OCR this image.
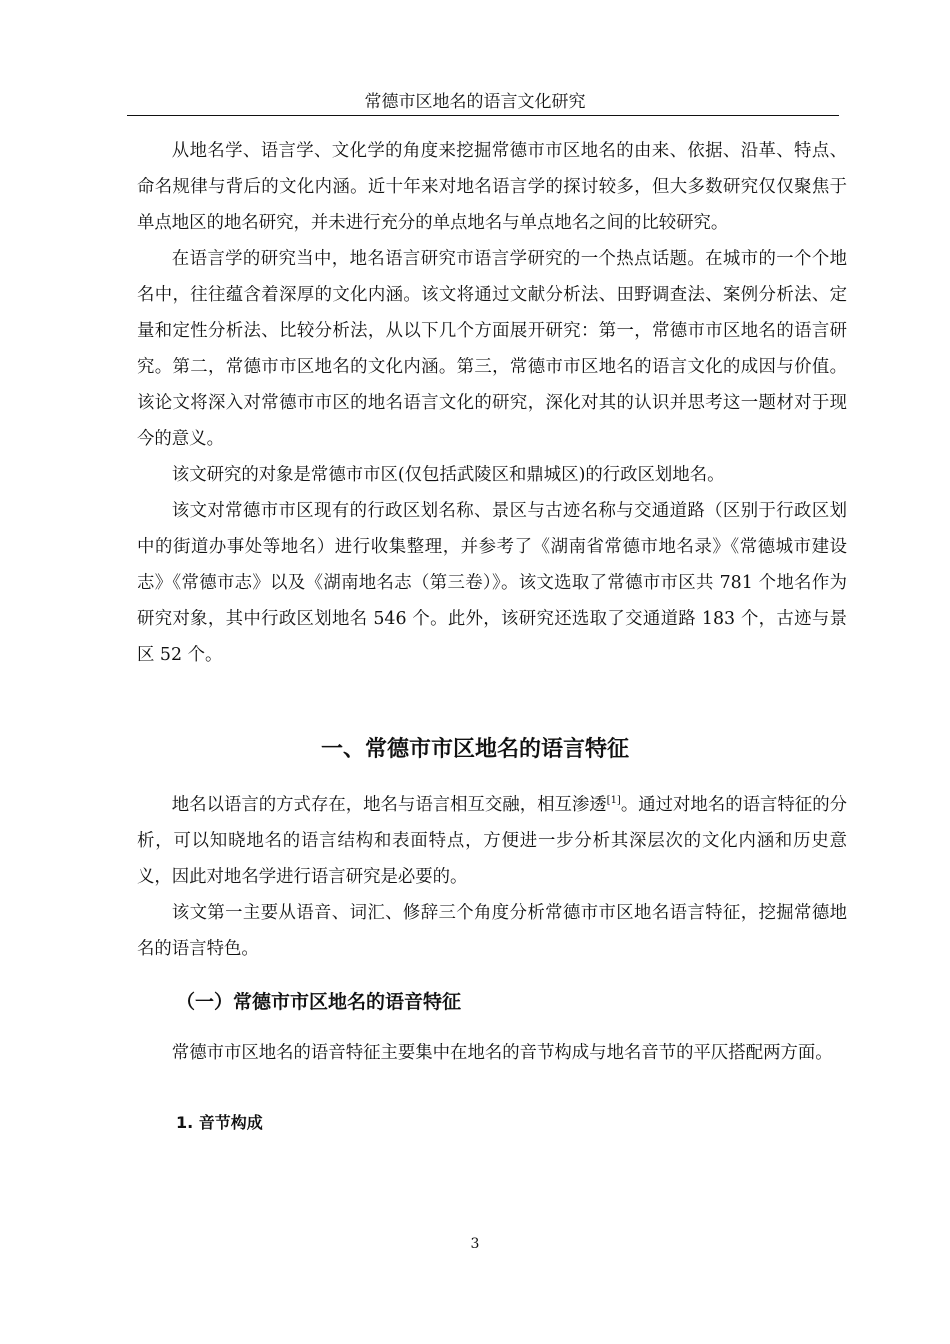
常德市区地名的语言文化研究

从地名学、语言学、文化学的角度来挖掘常德市市区地名的由来、依据、沿革、特点、命名规律与背后的文化内涵。近十年来对地名语言学的探讨较多，但大多数研究仅仅聚焦于单点地区的地名研究，并未进行充分的单点地名与单点地名之间的比较研究。

在语言学的研究当中，地名语言研究市语言学研究的一个热点话题。在城市的一个个地名中，往往蕴含着深厚的文化内涵。该文将通过文献分析法、田野调查法、案例分析法、定量和定性分析法、比较分析法，从以下几个方面展开研究：第一，常德市市区地名的语言研究。第二，常德市市区地名的文化内涵。第三，常德市市区地名的语言文化的成因与价值。该论文将深入对常德市市区的地名语言文化的研究，深化对其的认识并思考这一题材对于现今的意义。

该文研究的对象是常德市市区(仅包括武陵区和鼎城区)的行政区划地名。

该文对常德市市区现有的行政区划名称、景区与古迹名称与交通道路（区别于行政区划中的街道办事处等地名）进行收集整理，并参考了《湖南省常德市地名录》《常德城市建设志》《常德市志》以及《湖南地名志（第三卷）》。该文选取了常德市市区共 781 个地名作为研究对象，其中行政区划地名 546 个。此外，该研究还选取了交通道路 183 个，古迹与景区 52 个。

一、常德市市区地名的语言特征

地名以语言的方式存在，地名与语言相互交融，相互渗透[1]。通过对地名的语言特征的分析，可以知晓地名的语言结构和表面特点，方便进一步分析其深层次的文化内涵和历史意义，因此对地名学进行语言研究是必要的。

该文第一主要从语音、词汇、修辞三个角度分析常德市市区地名语言特征，挖掘常德地名的语言特色。

（一）常德市市区地名的语音特征

常德市市区地名的语音特征主要集中在地名的音节构成与地名音节的平仄搭配两方面。

1. 音节构成
3
